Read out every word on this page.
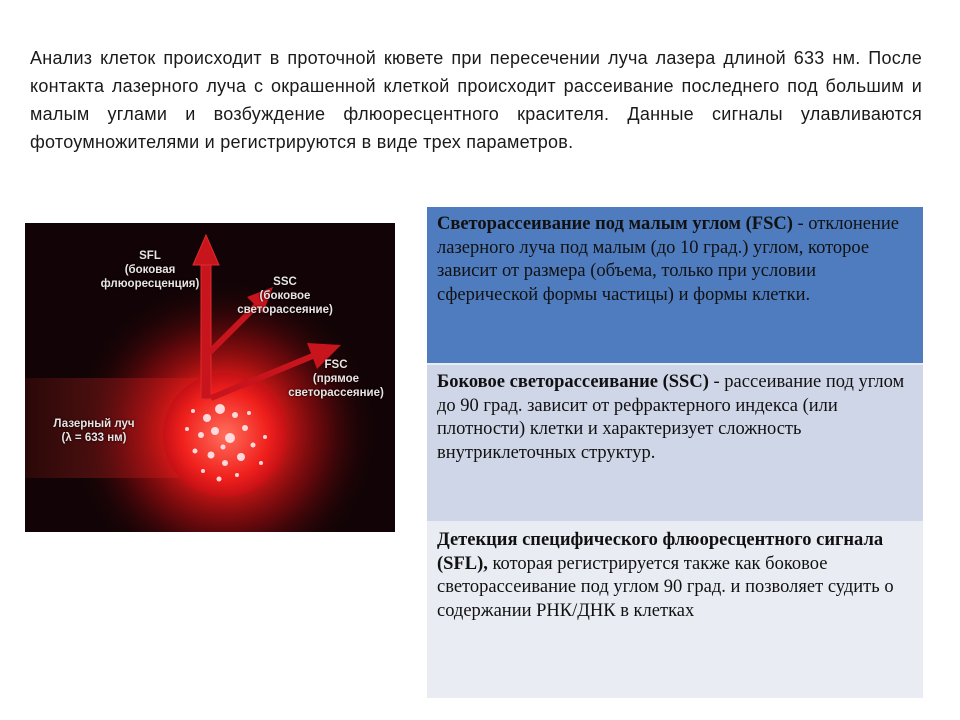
Анализ клеток происходит в проточной кювете при пересечении луча лазера длиной 633 нм. После контакта лазерного луча с окрашенной клеткой происходит рассеивание последнего под большим и малым углами и возбуждение флюоресцентного красителя. Данные сигналы улавливаются фотоумножителями и регистрируются в виде трех параметров.
SFL
(боковая
флюоресценция)	SSC
(боковое
светорассеяние)
FSC
(прямое
светорассеяние)
Лазерный луч
(λ = 633 нм)
Светорассеивание под малым углом (FSC) - отклонение лазерного луча под малым (до 10 град.) углом, которое зависит от размера (объема, только при условии сферической формы частицы) и формы клетки.
Боковое светорассеивание (SSC) - рассеивание под углом до 90 град. зависит от рефрактерного индекса (или плотности) клетки и характеризует сложность внутриклеточных структур.
Детекция специфического флюоресцентного сигнала (SFL), которая регистрируется также как боковое светорассеивание под углом 90 град. и позволяет судить о содержании РНК/ДНК в клетках
